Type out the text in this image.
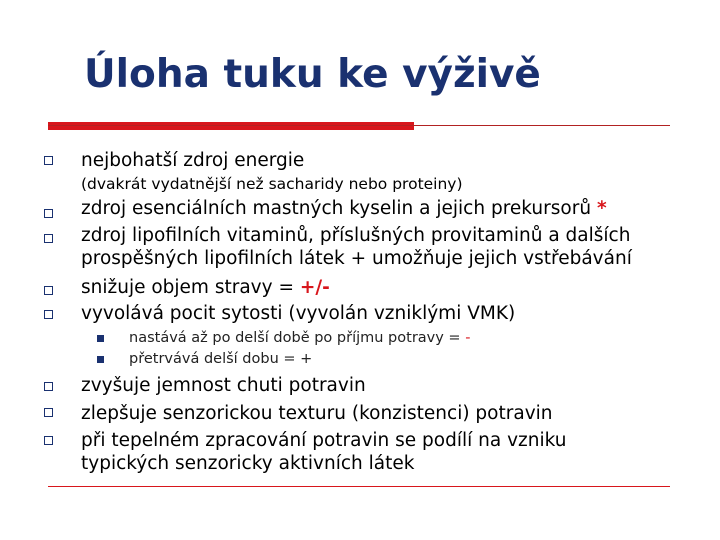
Úloha tuku ke výživě
nejbohatší zdroj energie
(dvakrát vydatnější než sacharidy nebo proteiny)
zdroj esenciálních mastných kyselin a jejich prekursorů *
zdroj lipofilních vitaminů, příslušných provitaminů a dalších
prospěšných lipofilních látek + umožňuje jejich vstřebávání
snižuje objem stravy = +/-
vyvolává pocit sytosti (vyvolán vzniklými VMK)
nastává až po delší době po příjmu potravy = -
přetrvává delší dobu = +
zvyšuje jemnost chuti potravin
zlepšuje senzorickou texturu (konzistenci) potravin
při tepelném zpracování potravin se podílí na vzniku
typických senzoricky aktivních látek
